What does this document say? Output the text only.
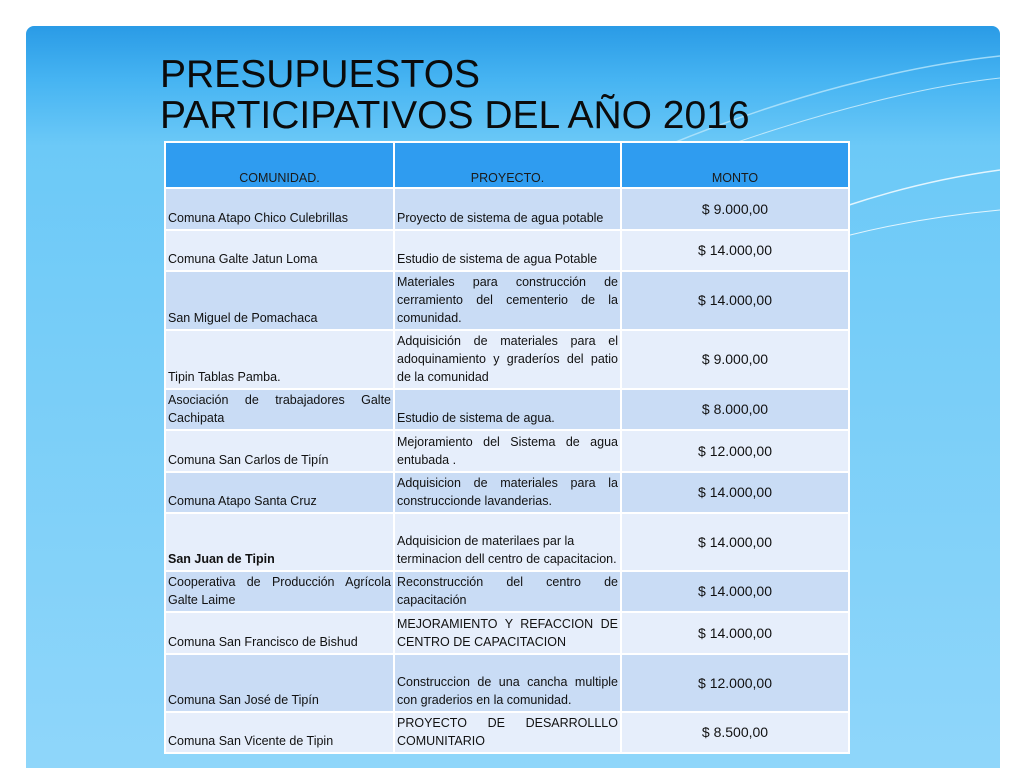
PRESUPUESTOS
PARTICIPATIVOS DEL AÑO 2016
COMUNIDAD.	PROYECTO.	MONTO
Comuna Atapo Chico Culebrillas	Proyecto de sistema de agua potable	$ 9.000,00
Comuna Galte Jatun Loma	Estudio de sistema de agua Potable	$ 14.000,00
San Miguel de Pomachaca	Materiales para construcción de cerramiento del cementerio de la comunidad.	$ 14.000,00
Tipin Tablas Pamba.	Adquisición de materiales para el adoquinamiento y graderíos del patio de la comunidad	$ 9.000,00
Asociación de trabajadores Galte Cachipata	Estudio de sistema de agua.	$ 8.000,00
Comuna San Carlos de Tipín	Mejoramiento del Sistema de agua entubada .	$ 12.000,00
Comuna Atapo Santa Cruz	Adquisicion de materiales para la construccionde lavanderias.	$ 14.000,00
San Juan de Tipin	Adquisicion de materilaes par la terminacion dell centro de capacitacion.	$ 14.000,00
Cooperativa de Producción Agrícola Galte Laime	Reconstrucción del centro de capacitación	$ 14.000,00
Comuna San Francisco de Bishud	MEJORAMIENTO Y REFACCION DE CENTRO DE CAPACITACION	$ 14.000,00
Comuna San José de Tipín	Construccion de una cancha multiple con graderios en la comunidad.	$ 12.000,00
Comuna San Vicente de Tipin	PROYECTO DE DESARROLLLO COMUNITARIO	$ 8.500,00
